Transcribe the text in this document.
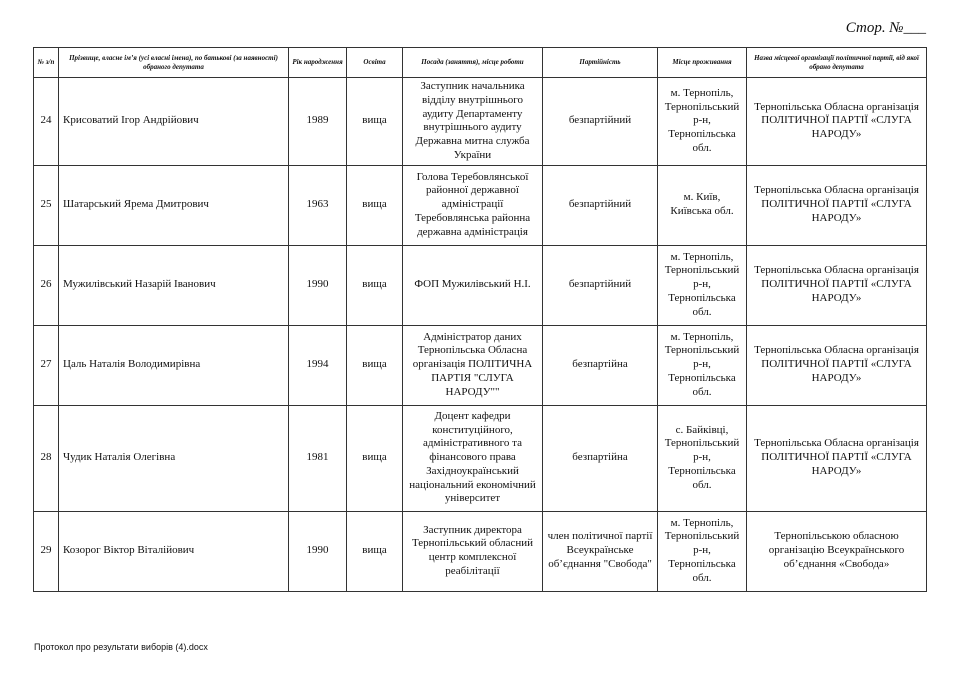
Стор. №___
№ з/п	Прізвище, власне ім’я (усі власні імена), по батькові (за наявності) обраного депутата	Рік народження	Освіта	Посада (заняття), місце роботи	Партійність	Місце проживання	Назва місцевої організації політичної партії, від якої обрано депутата
24	Крисоватий Ігор Андрійович	1989	вища	Заступник начальника відділу внутрішнього аудиту Департаменту внутрішнього аудиту Державна митна служба України	безпартійний	м. Тернопіль, Тернопільський р-н, Тернопільська обл.	Тернопільська Обласна організація ПОЛІТИЧНОЇ ПАРТІЇ «СЛУГА НАРОДУ»
25	Шатарський Ярема Дмитрович	1963	вища	Голова Теребовлянської районної державної адміністрації Теребовлянська районна державна адміністрація	безпартійний	м. Київ, Київська обл.	Тернопільська Обласна організація ПОЛІТИЧНОЇ ПАРТІЇ «СЛУГА НАРОДУ»
26	Мужилівський Назарій Іванович	1990	вища	ФОП Мужилівський Н.І.	безпартійний	м. Тернопіль, Тернопільський р-н, Тернопільська обл.	Тернопільська Обласна організація ПОЛІТИЧНОЇ ПАРТІЇ «СЛУГА НАРОДУ»
27	Цаль Наталія Володимирівна	1994	вища	Адміністратор даних Тернопільська Обласна організація ПОЛІТИЧНА ПАРТІЯ "СЛУГА НАРОДУ""	безпартійна	м. Тернопіль, Тернопільський р-н, Тернопільська обл.	Тернопільська Обласна організація ПОЛІТИЧНОЇ ПАРТІЇ «СЛУГА НАРОДУ»
28	Чудик Наталія Олегівна	1981	вища	Доцент кафедри конституційного, адміністративного та фінансового права Західноукраїнський національний економічний університет	безпартійна	с. Байківці, Тернопільський р-н, Тернопільська обл.	Тернопільська Обласна організація ПОЛІТИЧНОЇ ПАРТІЇ «СЛУГА НАРОДУ»
29	Козорог Віктор Віталійович	1990	вища	Заступник директора Тернопільський обласний центр комплексної реабілітації	член політичної партії Всеукраїнське об’єднання "Свобода"	м. Тернопіль, Тернопільський р-н, Тернопільська обл.	Тернопільською обласною організацію Всеукраїнського об’єднання «Свобода»
Протокол про результати виборів (4).docx
